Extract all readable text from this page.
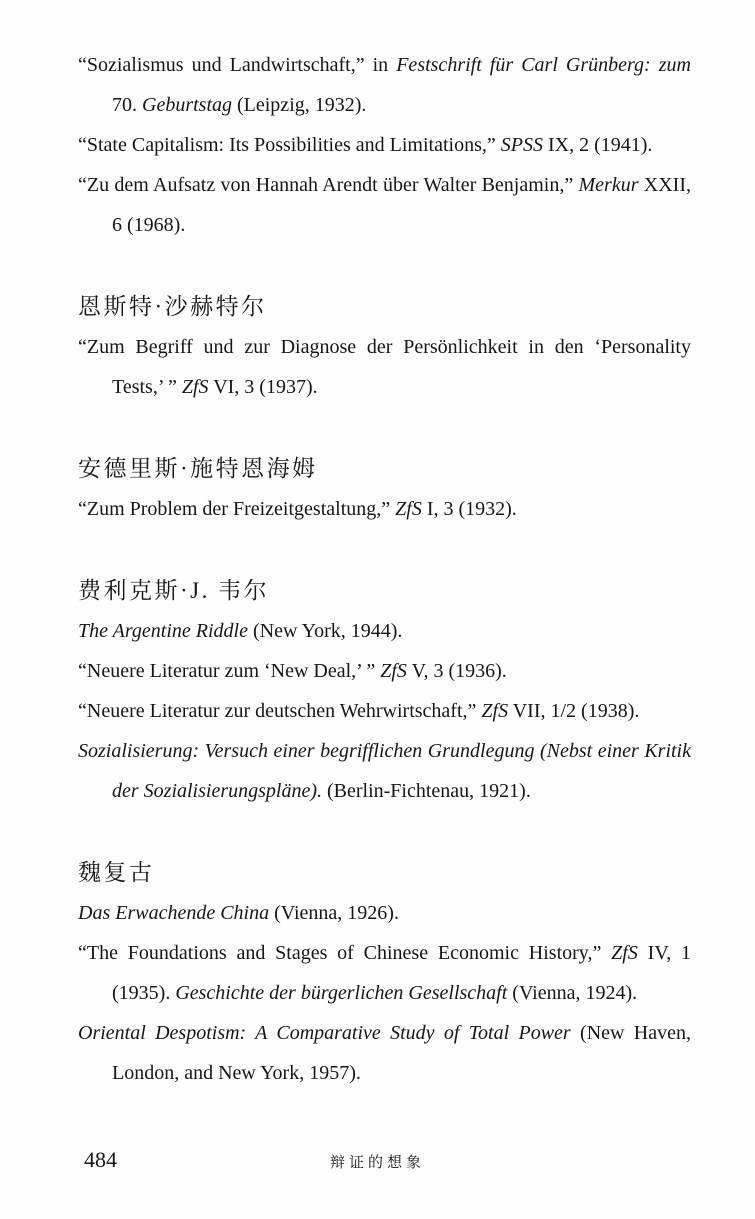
“Sozialismus und Landwirtschaft,” in Festschrift für Carl Grünberg: zum 70. Geburtstag (Leipzig, 1932).

“State Capitalism: Its Possibilities and Limitations,” SPSS IX, 2 (1941).

“Zu dem Aufsatz von Hannah Arendt über Walter Benjamin,” Merkur XXII, 6 (1968).

恩斯特·沙赫特尔

“Zum Begriff und zur Diagnose der Persönlichkeit in den ‘Personality Tests,’ ” ZfS VI, 3 (1937).

安德里斯·施特恩海姆

“Zum Problem der Freizeitgestaltung,” ZfS I, 3 (1932).

费利克斯·J. 韦尔

The Argentine Riddle (New York, 1944).

“Neuere Literatur zum ‘New Deal,’ ” ZfS V, 3 (1936).

“Neuere Literatur zur deutschen Wehrwirtschaft,” ZfS VII, 1/2 (1938).

Sozialisierung: Versuch einer begrifflichen Grundlegung (Nebst einer Kritik der Sozialisierungspläne). (Berlin-Fichtenau, 1921).

魏复古

Das Erwachende China (Vienna, 1926).

“The Foundations and Stages of Chinese Economic History,” ZfS IV, 1 (1935). Geschichte der bürgerlichen Gesellschaft (Vienna, 1924).

Oriental Despotism: A Comparative Study of Total Power (New Haven, London, and New York, 1957).

484	辩证的想象
